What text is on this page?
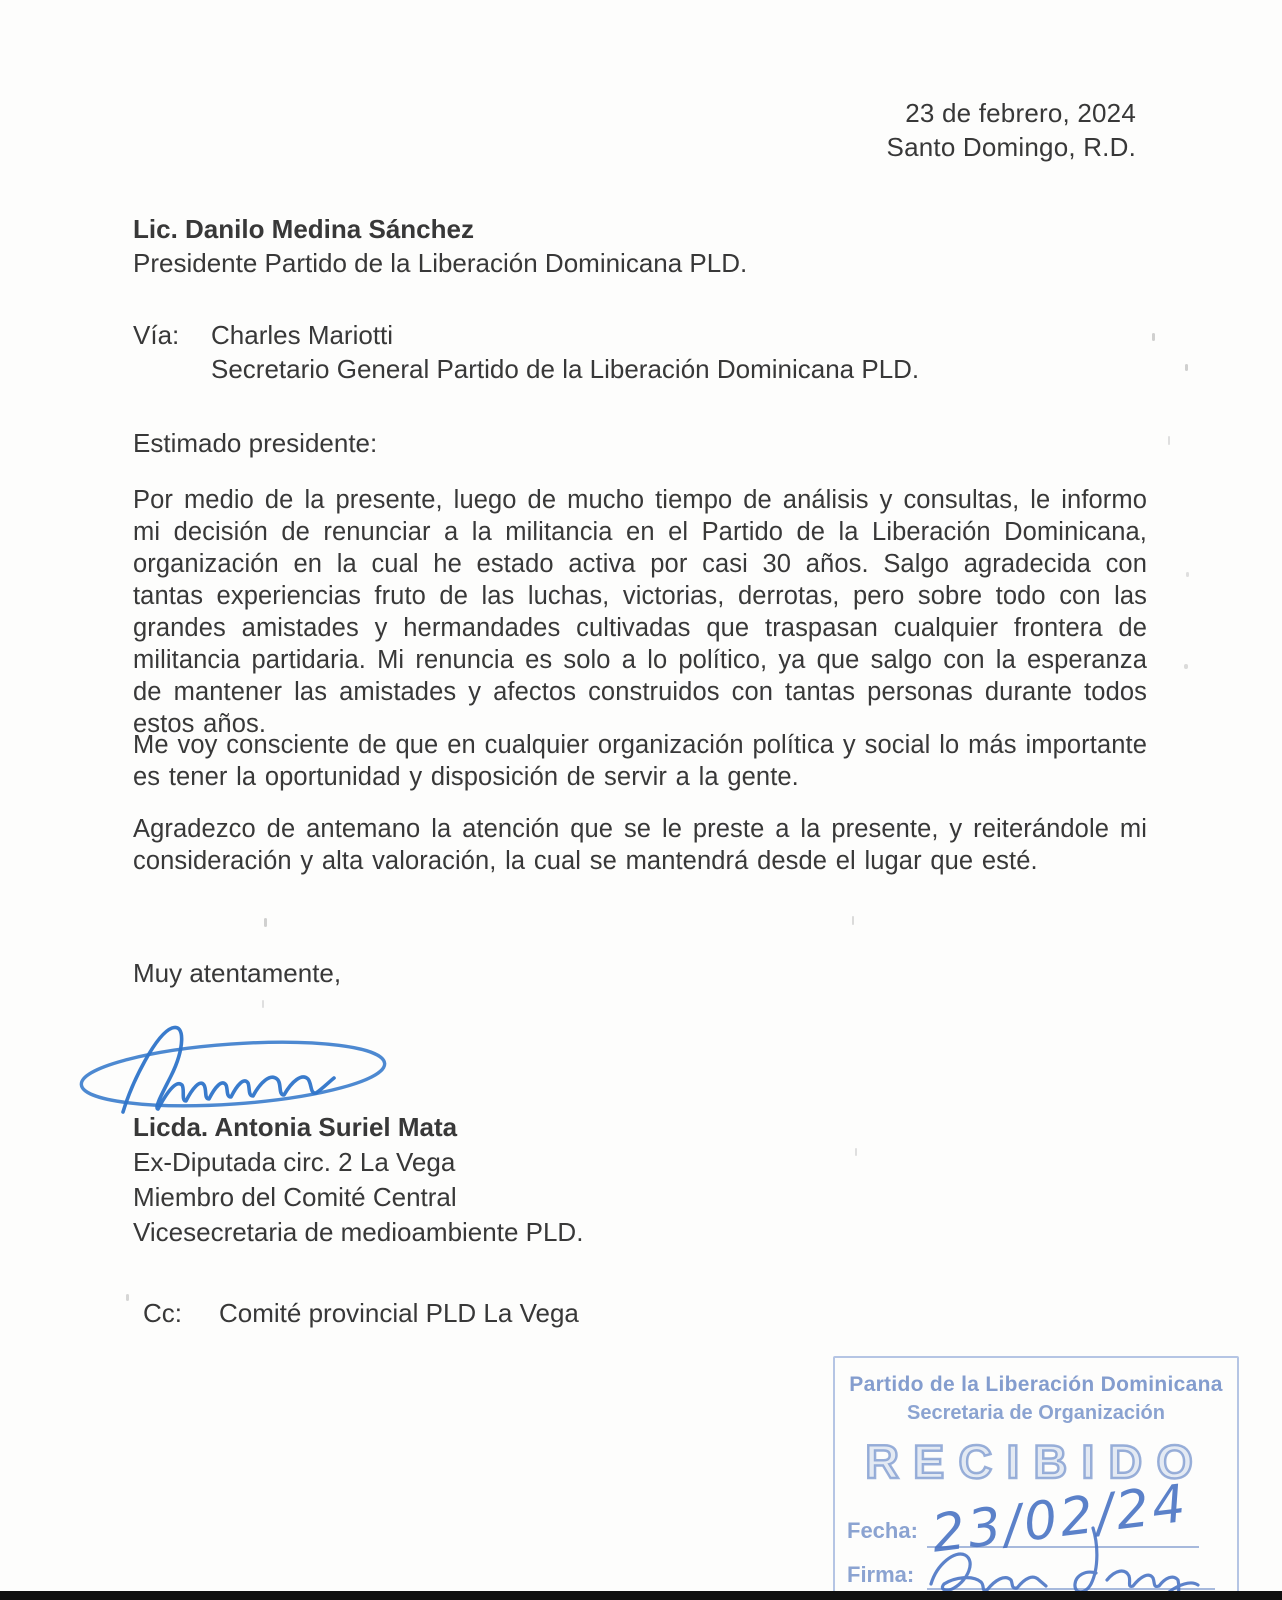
23 de febrero, 2024
Santo Domingo, R.D.
Lic. Danilo Medina Sánchez
Presidente Partido de la Liberación Dominicana PLD.
Vía:	Charles Mariotti
Secretario General Partido de la Liberación Dominicana PLD.
Estimado presidente:

Por medio de la presente, luego de mucho tiempo de análisis y consultas, le informo mi decisión de renunciar a la militancia en el Partido de la Liberación Dominicana, organización en la cual he estado activa por casi 30 años. Salgo agradecida con tantas experiencias fruto de las luchas, victorias, derrotas, pero sobre todo con las grandes amistades y hermandades cultivadas que traspasan cualquier frontera de militancia partidaria. Mi renuncia es solo a lo político, ya que salgo con la esperanza de mantener las amistades y afectos construidos con tantas personas durante todos estos años.

Me voy consciente de que en cualquier organización política y social lo más importante es tener la oportunidad y disposición de servir a la gente.

Agradezco de antemano la atención que se le preste a la presente, y reiterándole mi consideración y alta valoración, la cual se mantendrá desde el lugar que esté.

Muy atentamente,
Licda. Antonia Suriel Mata
Ex-Diputada circ. 2 La Vega
Miembro del Comité Central
Vicesecretaria de medioambiente PLD.
Cc:	Comité provincial PLD La Vega
Partido de la Liberación Dominicana
Secretaria de Organización
RECIBIDO
Fecha:
Firma:
23/02/24
